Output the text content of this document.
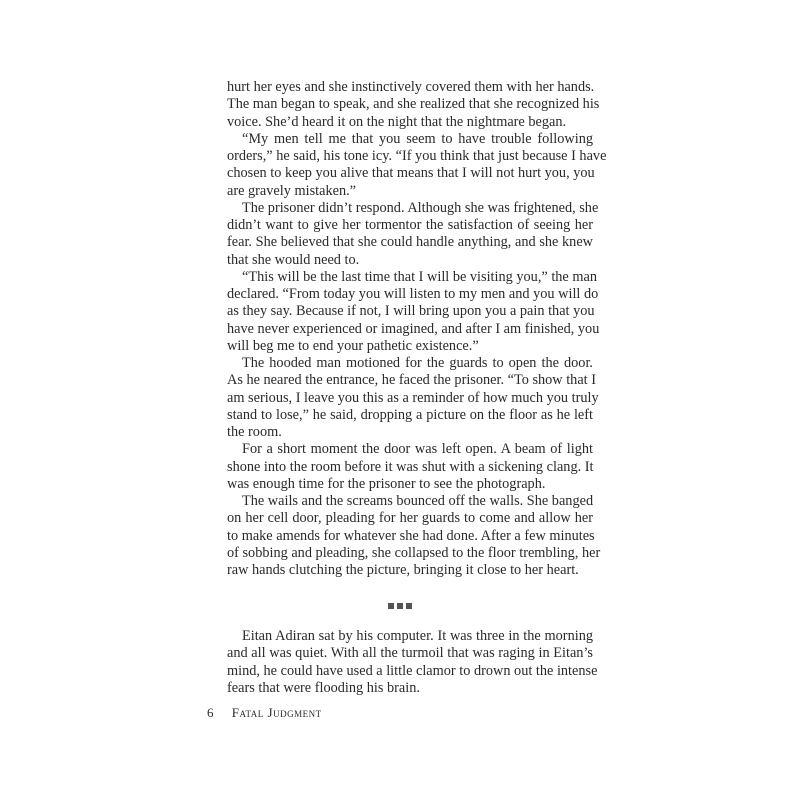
hurt her eyes and she instinctively covered them with her hands.
The man began to speak, and she realized that she recognized his
voice. She’d heard it on the night that the nightmare began.
“My men tell me that you seem to have trouble following
orders,” he said, his tone icy. “If you think that just because I have
chosen to keep you alive that means that I will not hurt you, you
are gravely mistaken.”
The prisoner didn’t respond. Although she was frightened, she
didn’t want to give her tormentor the satisfaction of seeing her
fear. She believed that she could handle anything, and she knew
that she would need to.
“This will be the last time that I will be visiting you,” the man
declared. “From today you will listen to my men and you will do
as they say. Because if not, I will bring upon you a pain that you
have never experienced or imagined, and after I am finished, you
will beg me to end your pathetic existence.”
The hooded man motioned for the guards to open the door.
As he neared the entrance, he faced the prisoner. “To show that I
am serious, I leave you this as a reminder of how much you truly
stand to lose,” he said, dropping a picture on the floor as he left
the room.
For a short moment the door was left open. A beam of light
shone into the room before it was shut with a sickening clang. It
was enough time for the prisoner to see the photograph.
The wails and the screams bounced off the walls. She banged
on her cell door, pleading for her guards to come and allow her
to make amends for whatever she had done. After a few minutes
of sobbing and pleading, she collapsed to the floor trembling, her
raw hands clutching the picture, bringing it close to her heart.
Eitan Adiran sat by his computer. It was three in the morning
and all was quiet. With all the turmoil that was raging in Eitan’s
mind, he could have used a little clamor to drown out the intense
fears that were flooding his brain.
6 Fatal Judgment
